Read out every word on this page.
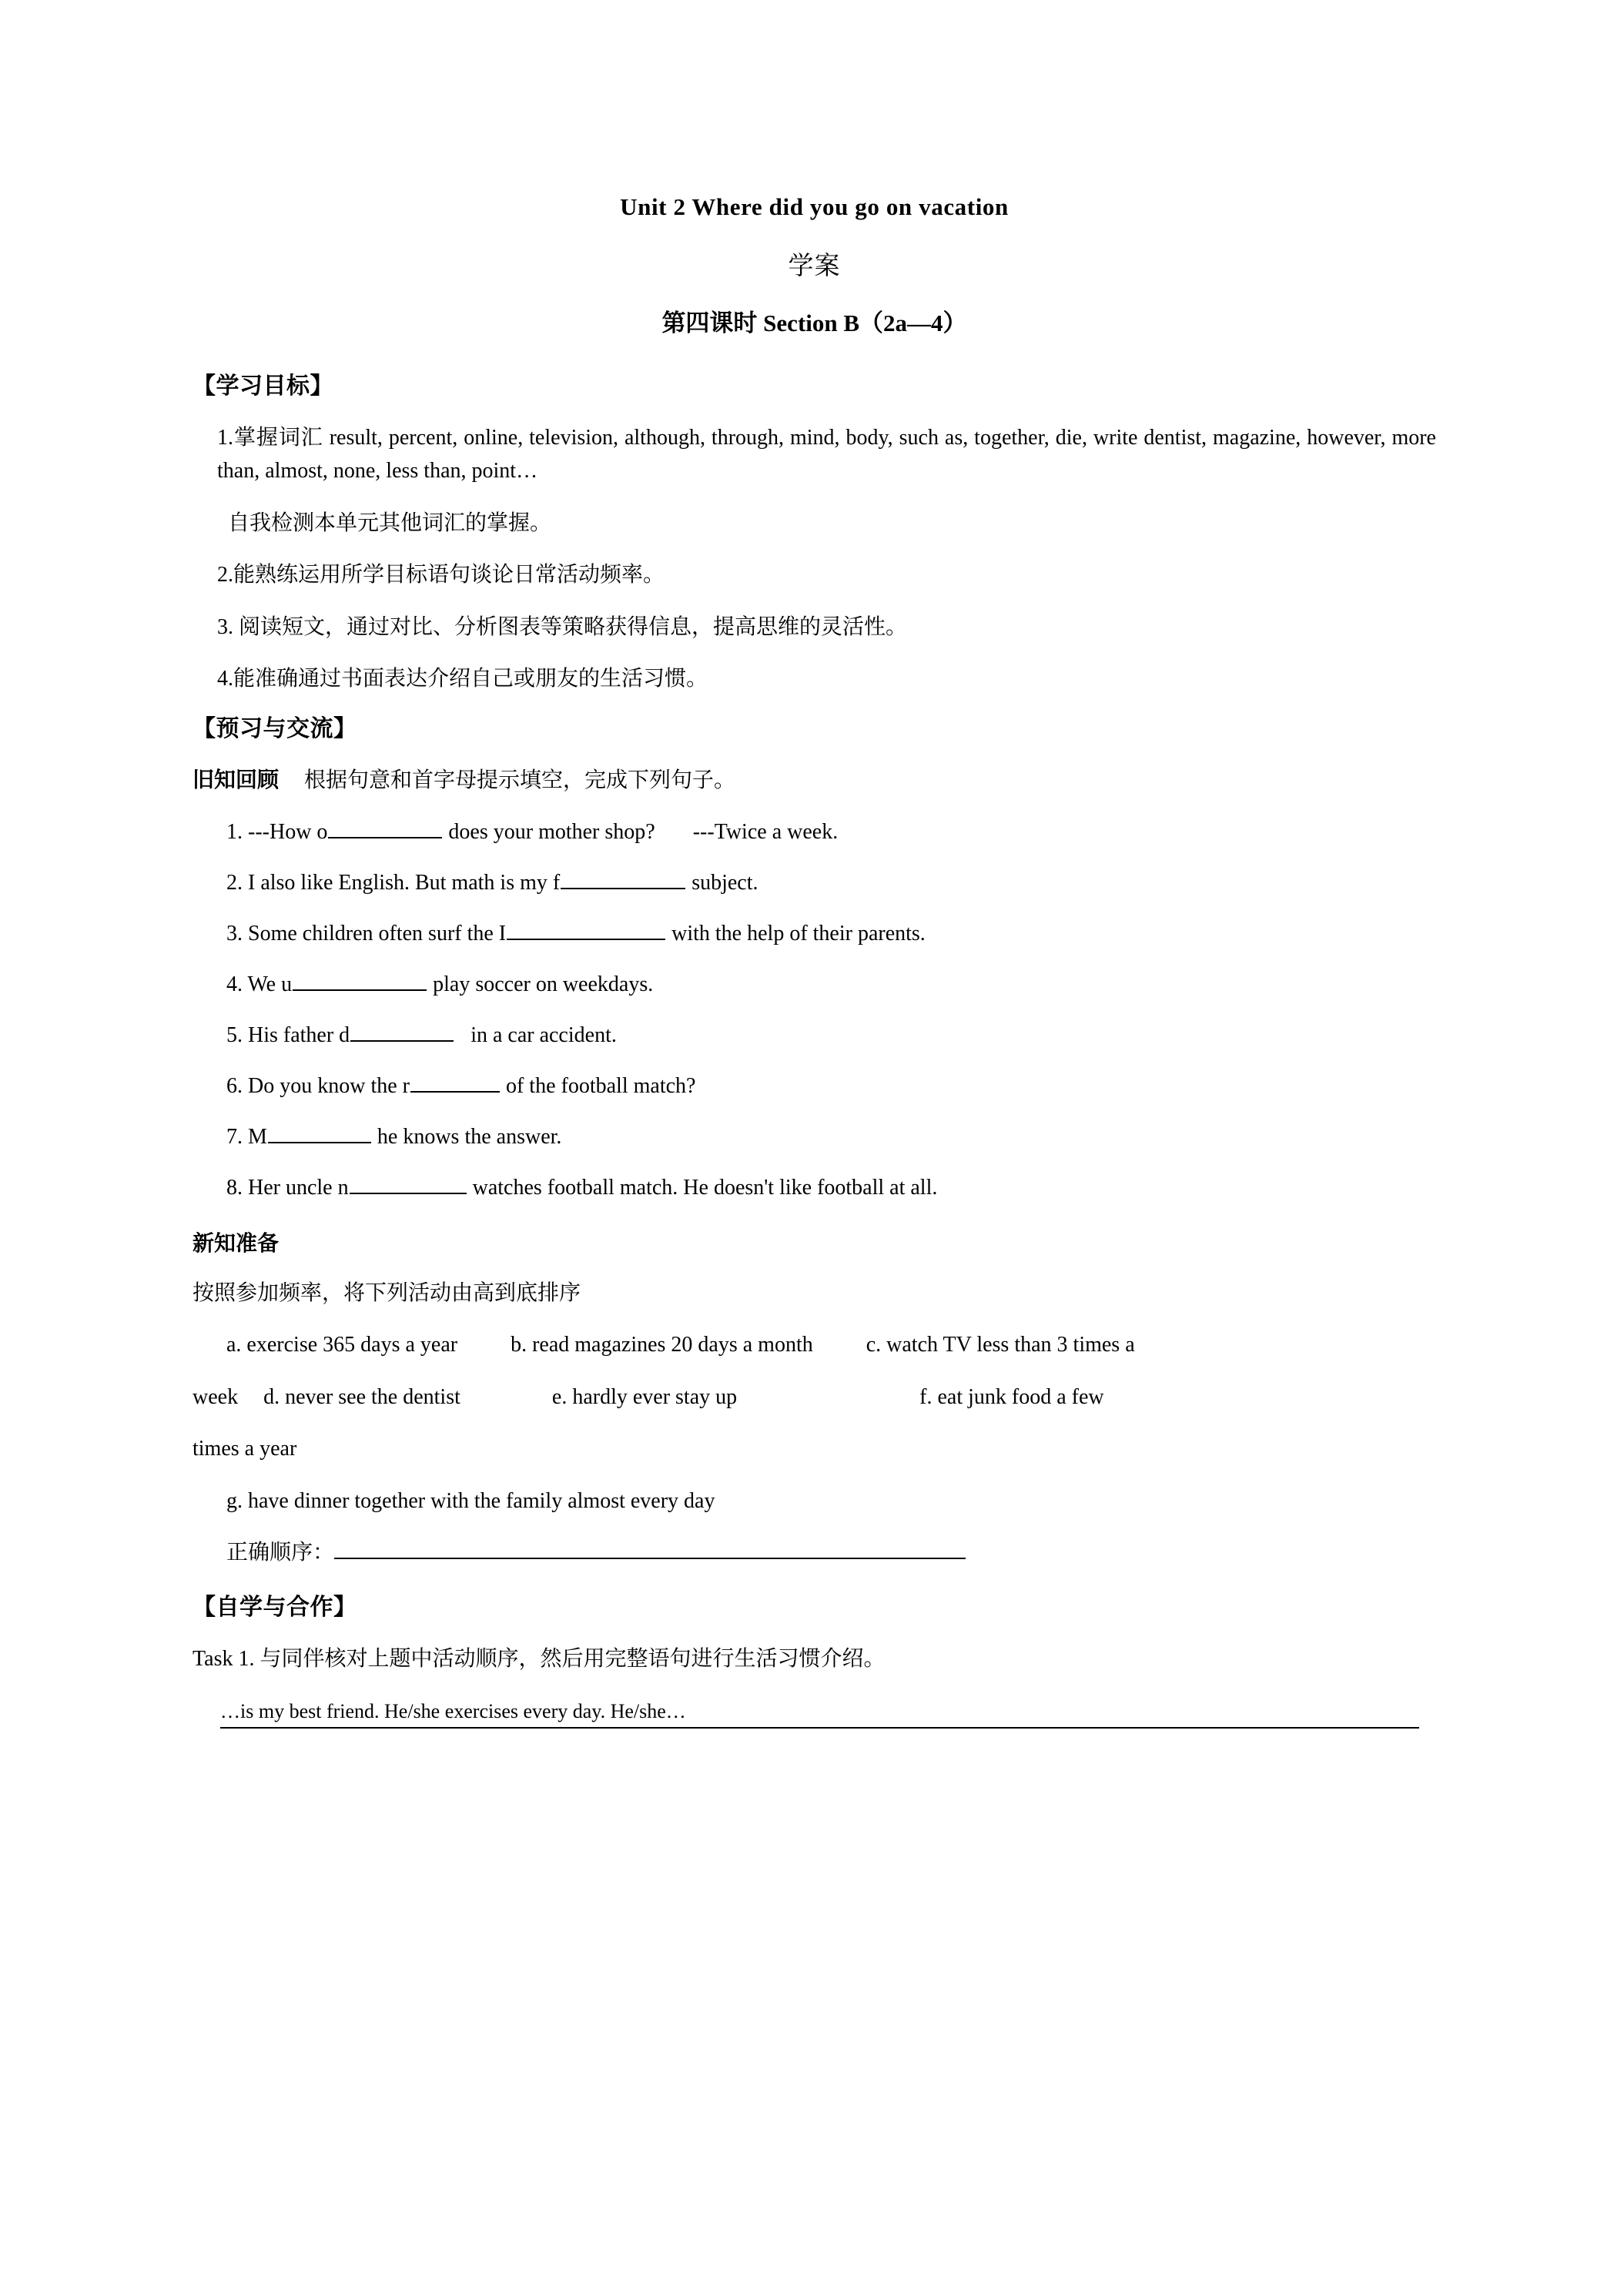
Unit 2 Where did you go on vacation
学案
第四课时 Section B（2a—4）
【学习目标】
1.掌握词汇 result, percent, online, television, although, through, mind, body, such as, together, die, write dentist, magazine, however, more than, almost, none, less than, point…
自我检测本单元其他词汇的掌握。
2.能熟练运用所学目标语句谈论日常活动频率。
3. 阅读短文，通过对比、分析图表等策略获得信息，提高思维的灵活性。
4.能准确通过书面表达介绍自己或朋友的生活习惯。
【预习与交流】
旧知回顾 根据句意和首字母提示填空，完成下列句子。
1. ---How o	does your mother shop? ---Twice a week.
2. I also like English. But math is my f	subject.
3. Some children often surf the I	with the help of their parents.
4. We u	play soccer on weekdays.
5. His father d	in a car accident.
6. Do you know the r	of the football match?
7. M	he knows the answer.
8. Her uncle n	watches football match. He doesn't like football at all.
新知准备
按照参加频率，将下列活动由高到底排序
a. exercise 365 days a year b. read magazines 20 days a month c. watch TV less than 3 times a
week d. never see the dentist	e. hardly ever stay up	f. eat junk food a few
times a year
g. have dinner together with the family almost every day
正确顺序：
【自学与合作】
Task 1. 与同伴核对上题中活动顺序，然后用完整语句进行生活习惯介绍。
…is my best friend. He/she exercises every day. He/she…
